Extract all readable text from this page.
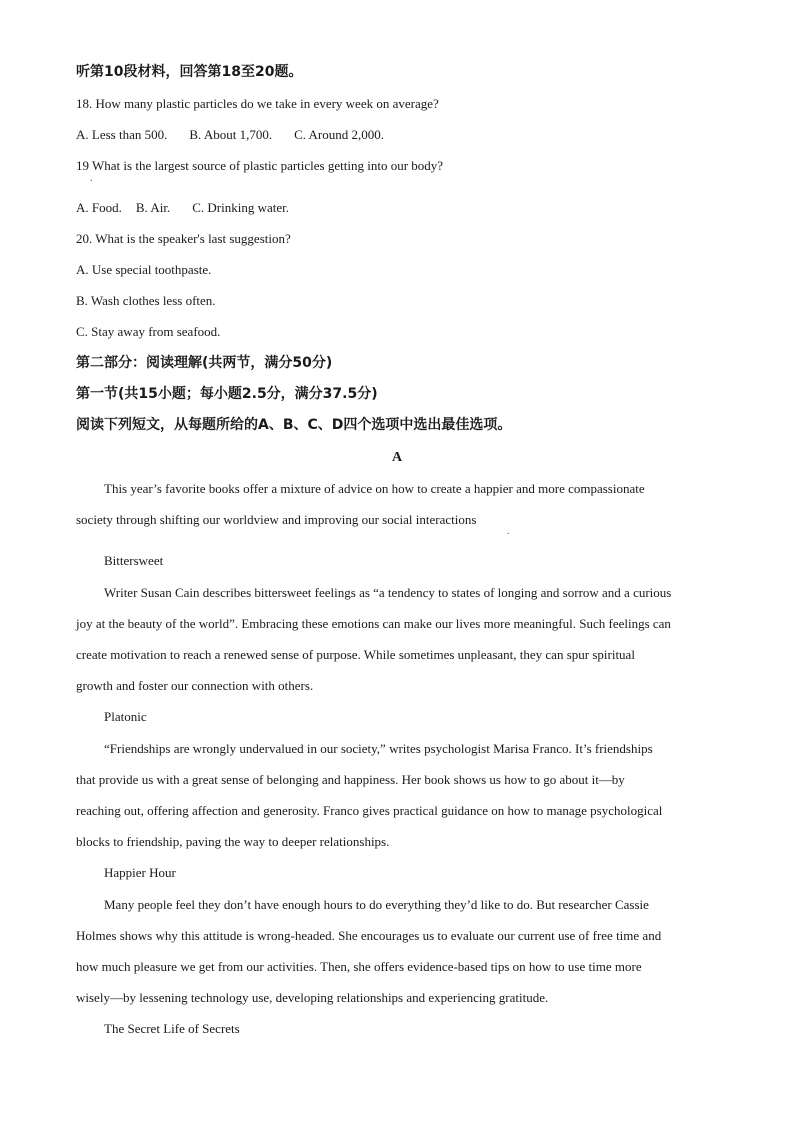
听第10段材料，回答第18至20题。
18. How many plastic particles do we take in every week on average?
A. Less than 500. B. About 1,700. C. Around 2,000.
19 What is the largest source of plastic particles getting into our body?
.
A. Food. B. Air. C. Drinking water.
20. What is the speaker's last suggestion?
A. Use special toothpaste.
B. Wash clothes less often.
C. Stay away from seafood.
第二部分：阅读理解(共两节，满分50分)
第一节(共15小题；每小题2.5分，满分37.5分)
阅读下列短文，从每题所给的A、B、C、D四个选项中选出最佳选项。
A
This year’s favorite books offer a mixture of advice on how to create a happier and more compassionate
society through shifting our worldview and improving our social interactions
.
Bittersweet
Writer Susan Cain describes bittersweet feelings as “a tendency to states of longing and sorrow and a curious
joy at the beauty of the world”. Embracing these emotions can make our lives more meaningful. Such feelings can
create motivation to reach a renewed sense of purpose. While sometimes unpleasant, they can spur spiritual
growth and foster our connection with others.
Platonic
“Friendships are wrongly undervalued in our society,” writes psychologist Marisa Franco. It’s friendships
that provide us with a great sense of belonging and happiness. Her book shows us how to go about it—by
reaching out, offering affection and generosity. Franco gives practical guidance on how to manage psychological
blocks to friendship, paving the way to deeper relationships.
Happier Hour
Many people feel they don’t have enough hours to do everything they’d like to do. But researcher Cassie
Holmes shows why this attitude is wrong-headed. She encourages us to evaluate our current use of free time and
how much pleasure we get from our activities. Then, she offers evidence-based tips on how to use time more
wisely—by lessening technology use, developing relationships and experiencing gratitude.
The Secret Life of Secrets
